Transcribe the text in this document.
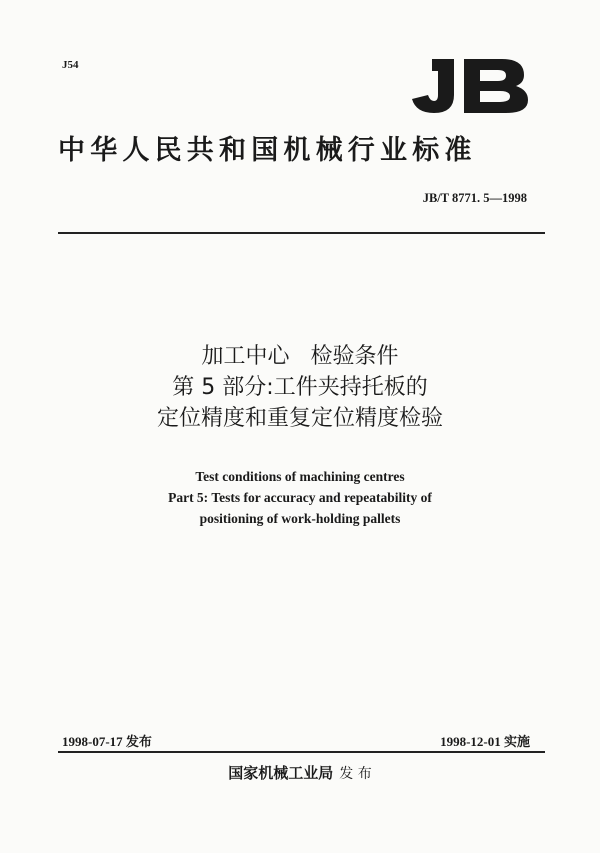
J54
中华人民共和国机械行业标准
JB/T 8771. 5—1998
加工中心   检验条件
第 5 部分:工件夹持托板的
定位精度和重复定位精度检验
Test conditions of machining centres
Part 5: Tests for accuracy and repeatability of
positioning of work-holding pallets
1998-07-17 发布	1998-12-01 实施
国家机械工业局 发 布
